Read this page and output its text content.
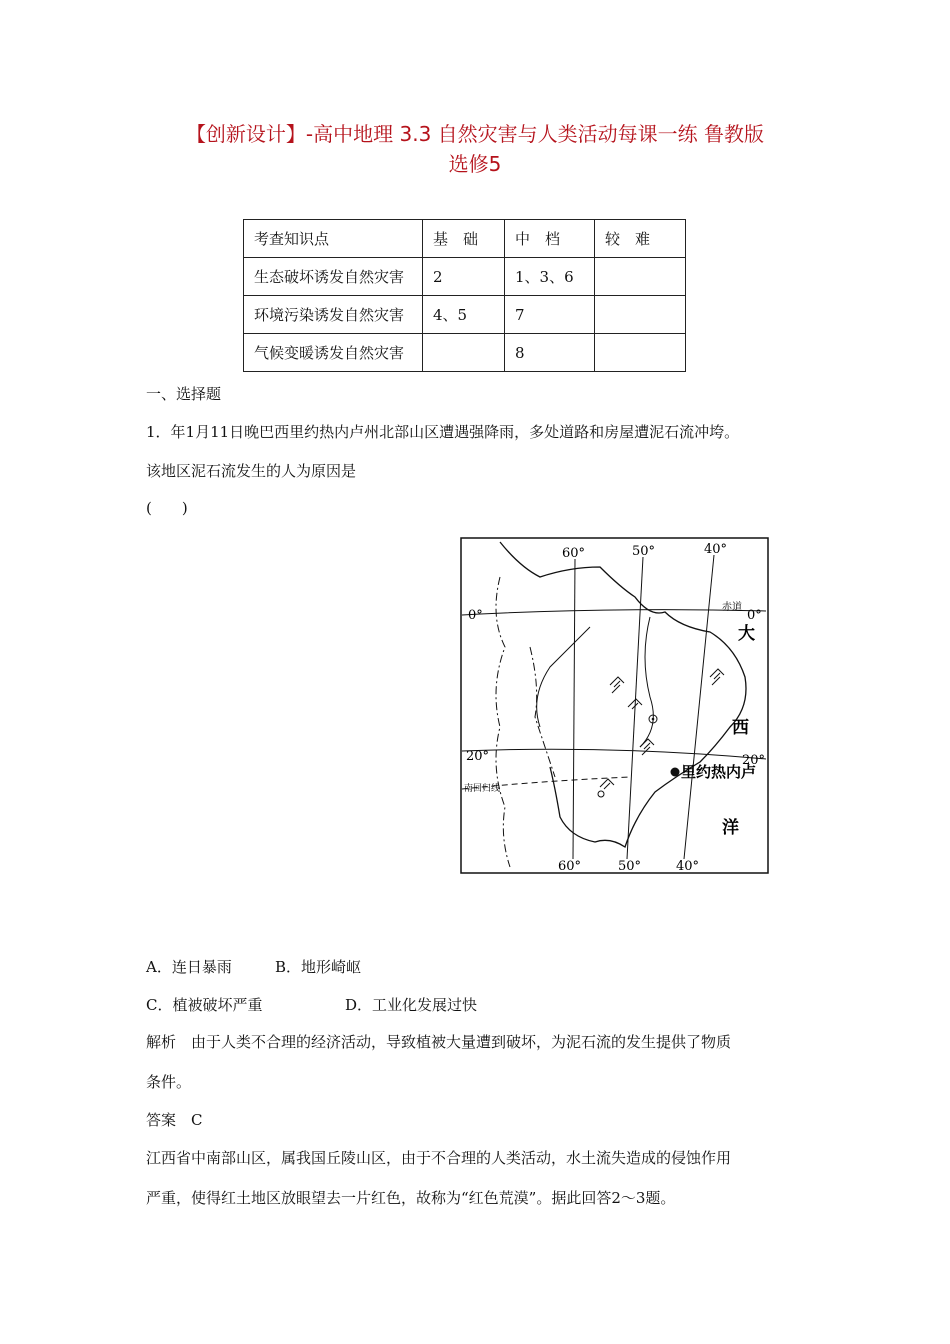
【创新设计】-高中地理 3.3 自然灾害与人类活动每课一练 鲁教版
选修5
考查知识点	基　础	中　档	较　难
生态破坏诱发自然灾害	2	1、3、6	
环境污染诱发自然灾害	4、5	7	
气候变暖诱发自然灾害		8	
一、选择题
1．年1月11日晚巴西里约热内卢州北部山区遭遇强降雨，多处道路和房屋遭泥石流冲垮。
该地区泥石流发生的人为原因是
(　　)
60°	50°	40°
60°	50°	40°
0°	0°
赤道
20°	20°
南回归线
大
西
洋
里约热内卢
A．连日暴雨	B．地形崎岖
C．植被破坏严重	D．工业化发展过快
解析　由于人类不合理的经济活动，导致植被大量遭到破坏，为泥石流的发生提供了物质
条件。
答案　C
江西省中南部山区，属我国丘陵山区，由于不合理的人类活动，水土流失造成的侵蚀作用
严重，使得红土地区放眼望去一片红色，故称为“红色荒漠”。据此回答2～3题。
